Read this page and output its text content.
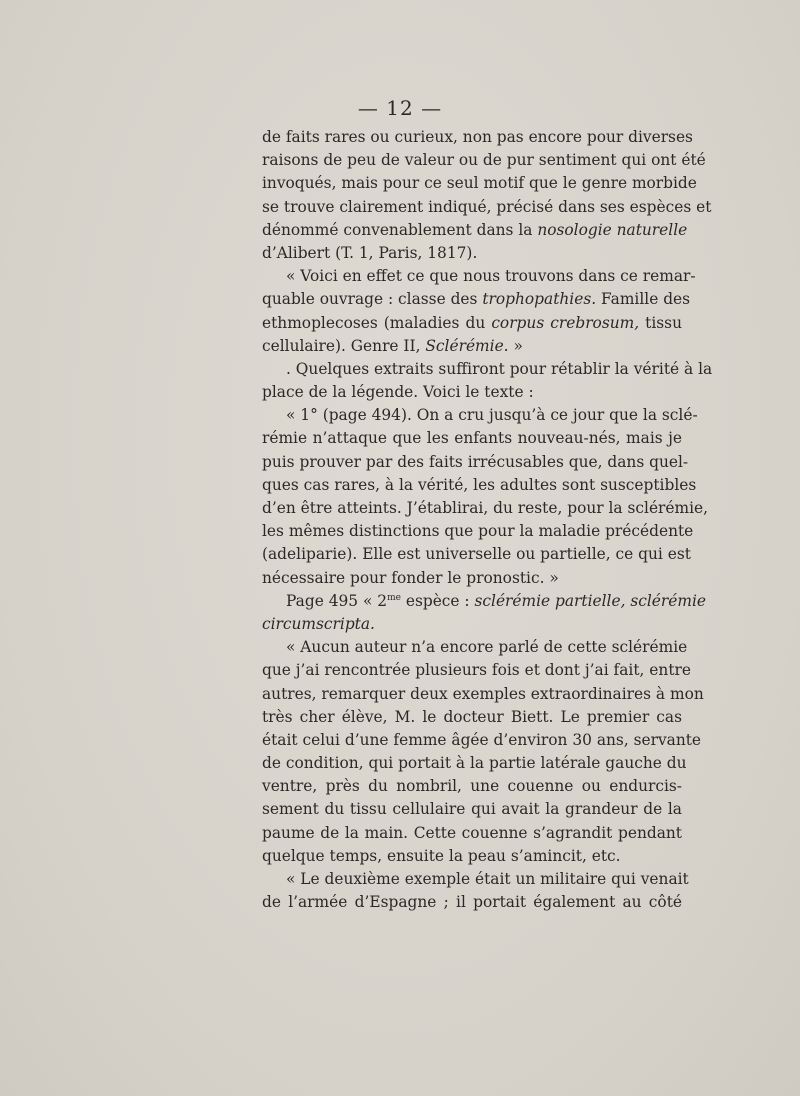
— 12 —
de faits rares ou curieux, non pas encore pour diverses
raisons de peu de valeur ou de pur sentiment qui ont été
invoqués, mais pour ce seul motif que le genre morbide
se trouve clairement indiqué, précisé dans ses espèces et
dénommé convenablement dans la nosologie naturelle
d’Alibert (T. 1, Paris, 1817).
« Voici en effet ce que nous trouvons dans ce remar-
quable ouvrage : classe des trophopathies. Famille des
ethmoplecoses (maladies du corpus crebrosum, tissu
cellulaire). Genre II, Sclérémie. »
. Quelques extraits suffiront pour rétablir la vérité à la
place de la légende. Voici le texte :
« 1° (page 494). On a cru jusqu’à ce jour que la sclé-
rémie n’attaque que les enfants nouveau-nés, mais je
puis prouver par des faits irrécusables que, dans quel-
ques cas rares, à la vérité, les adultes sont susceptibles
d’en être atteints. J’établirai, du reste, pour la sclérémie,
les mêmes distinctions que pour la maladie précédente
(adeliparie). Elle est universelle ou partielle, ce qui est
nécessaire pour fonder le pronostic. »
Page 495 « $2^{me}$ espèce : sclérémie partielle, sclérémie
circumscripta.
« Aucun auteur n’a encore parlé de cette sclérémie
que j’ai rencontrée plusieurs fois et dont j’ai fait, entre
autres, remarquer deux exemples extraordinaires à mon
très cher élève, M. le docteur Biett. Le premier cas
était celui d’une femme âgée d’environ 30 ans, servante
de condition, qui portait à la partie latérale gauche du
ventre, près du nombril, une couenne ou endurcis-
sement du tissu cellulaire qui avait la grandeur de la
paume de la main. Cette couenne s’agrandit pendant
quelque temps, ensuite la peau s’amincit, etc.
« Le deuxième exemple était un militaire qui venait
de l’armée d’Espagne ; il portait également au côté
